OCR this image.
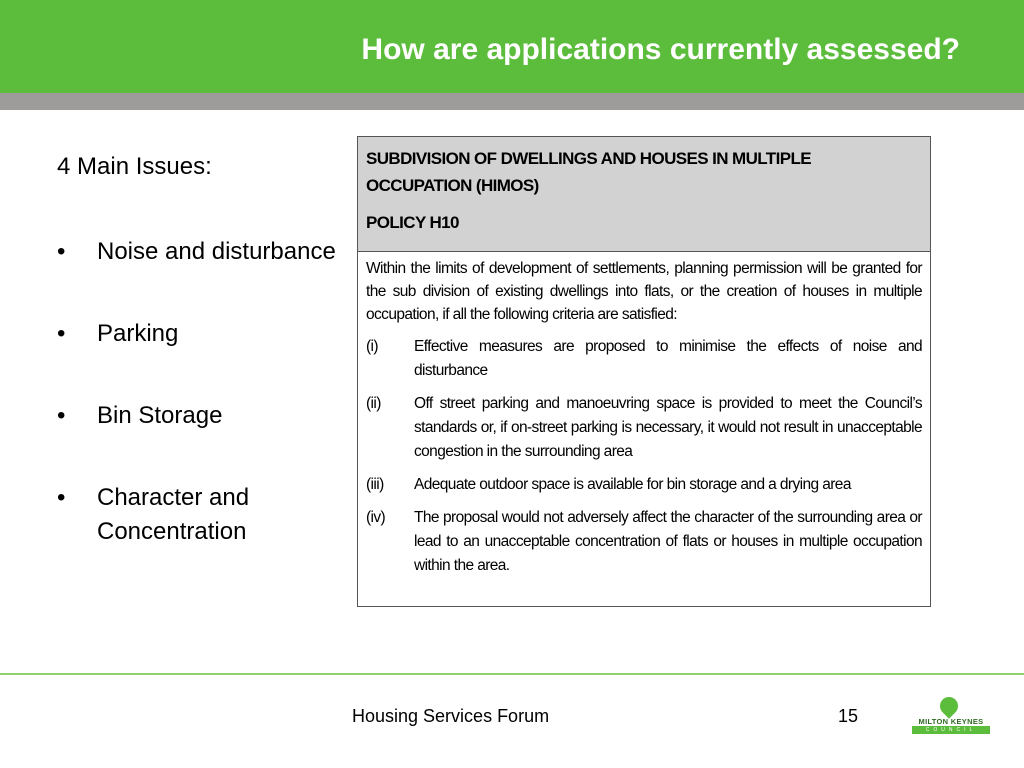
How are applications currently assessed?
4 Main Issues:
• Noise and disturbance
• Parking
• Bin Storage
• Character and Concentration
SUBDIVISION OF DWELLINGS AND HOUSES IN MULTIPLE OCCUPATION (HIMOS)
POLICY H10
Within the limits of development of settlements, planning permission will be granted for the sub division of existing dwellings into flats, or the creation of houses in multiple occupation, if all the following criteria are satisfied:
(i)	Effective measures are proposed to minimise the effects of noise and disturbance
(ii)	Off street parking and manoeuvring space is provided to meet the Council’s standards or, if on-street parking is necessary, it would not result in unacceptable congestion in the surrounding area
(iii)	Adequate outdoor space is available for bin storage and a drying area
(iv)	The proposal would not adversely affect the character of the surrounding area or lead to an unacceptable concentration of flats or houses in multiple occupation within the area.
Housing Services Forum	15	MILTON KEYNES
COUNCIL
